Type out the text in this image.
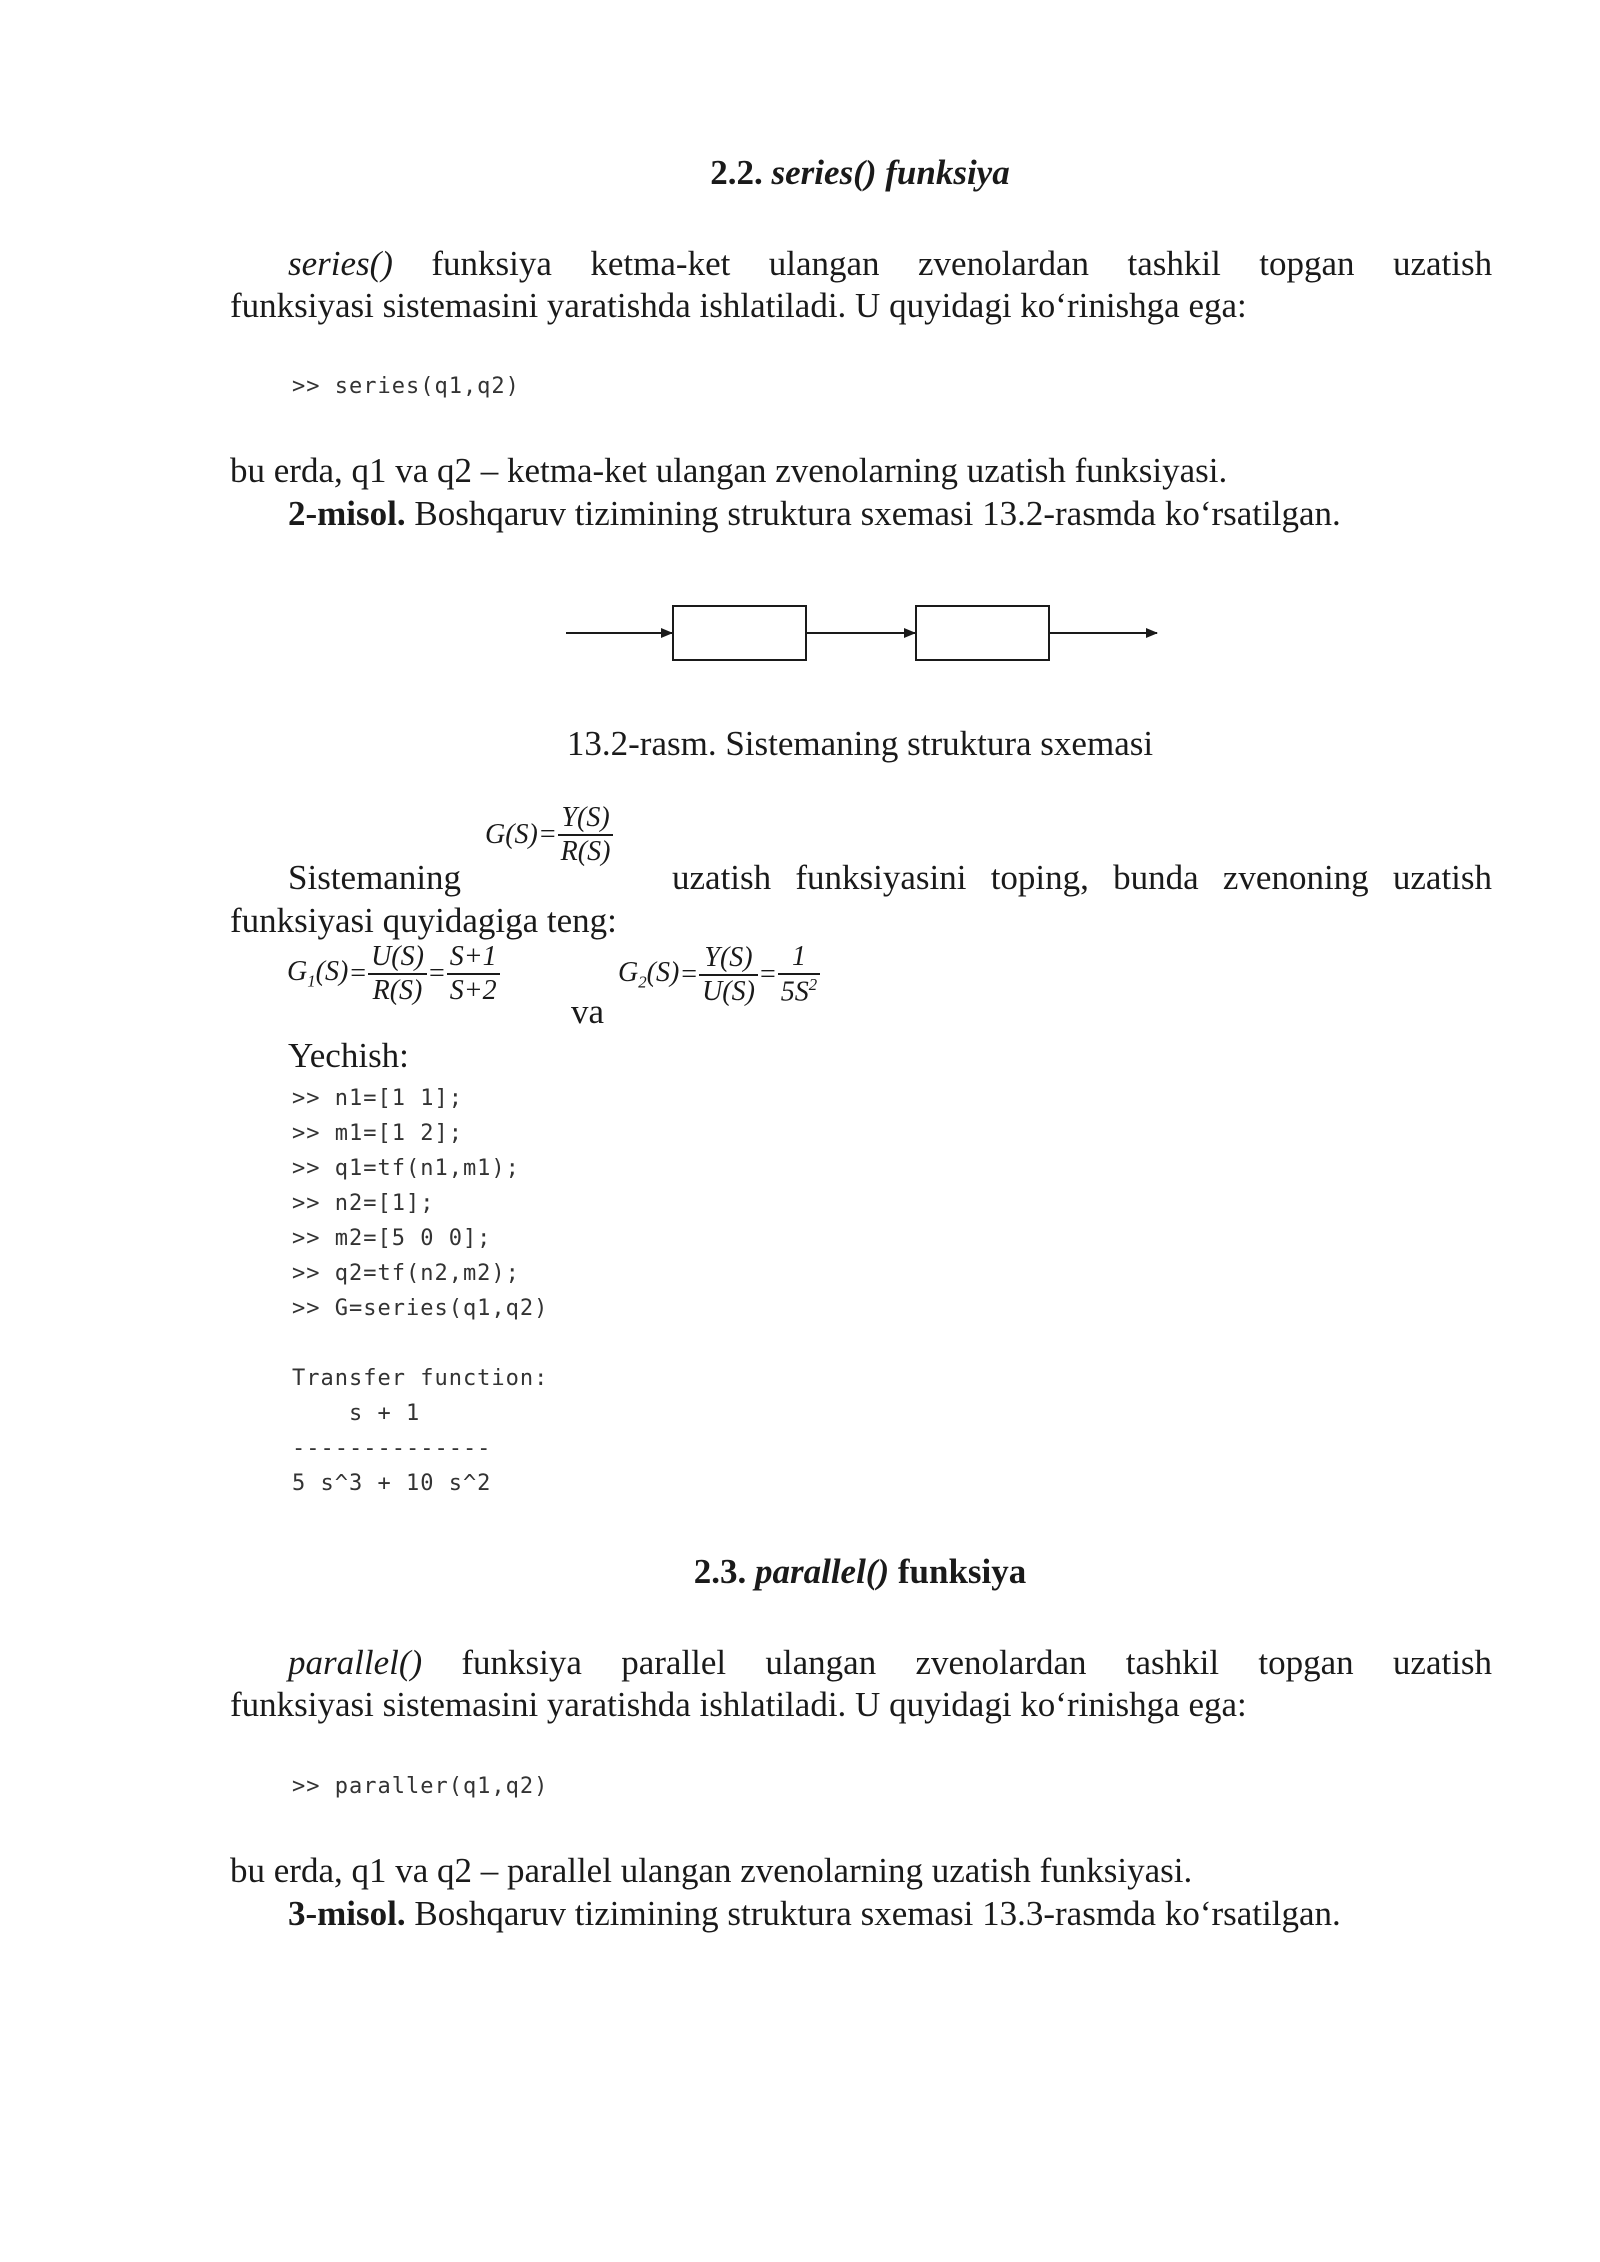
2.2. series() funksiya
series() funksiya ketma-ket ulangan zvenolardan tashkil topgan uzatish
funksiyasi sistemasini yaratishda ishlatiladi. U quyidagi ko‘rinishga ega:
>> series(q1,q2)
bu erda, q1 va q2 – ketma-ket ulangan zvenolarning uzatish funksiyasi.
2-misol. Boshqaruv tizimining struktura sxemasi 13.2-rasmda ko‘rsatilgan.
13.2-rasm. Sistemaning struktura sxemasi
$G(S) = \frac{Y(S)}{R(S)}$
Sistemaning	uzatish funksiyasini toping, bunda zvenoning uzatish
funksiyasi quyidagiga teng:
$G_1(S) = \frac{U(S)}{R(S)} = \frac{S+1}{S+2}$
va
$G_2(S) = \frac{Y(S)}{U(S)} = \frac{1}{5S^2}$
Yechish:
>> n1=[1 1];
>> m1=[1 2];
>> q1=tf(n1,m1);
>> n2=[1];
>> m2=[5 0 0];
>> q2=tf(n2,m2);
>> G=series(q1,q2)
Transfer function:
s + 1
--------------
5 s^3 + 10 s^2
2.3. parallel() funksiya
parallel() funksiya parallel ulangan zvenolardan tashkil topgan uzatish
funksiyasi sistemasini yaratishda ishlatiladi. U quyidagi ko‘rinishga ega:
>> paraller(q1,q2)
bu erda, q1 va q2 – parallel ulangan zvenolarning uzatish funksiyasi.
3-misol. Boshqaruv tizimining struktura sxemasi 13.3-rasmda ko‘rsatilgan.
